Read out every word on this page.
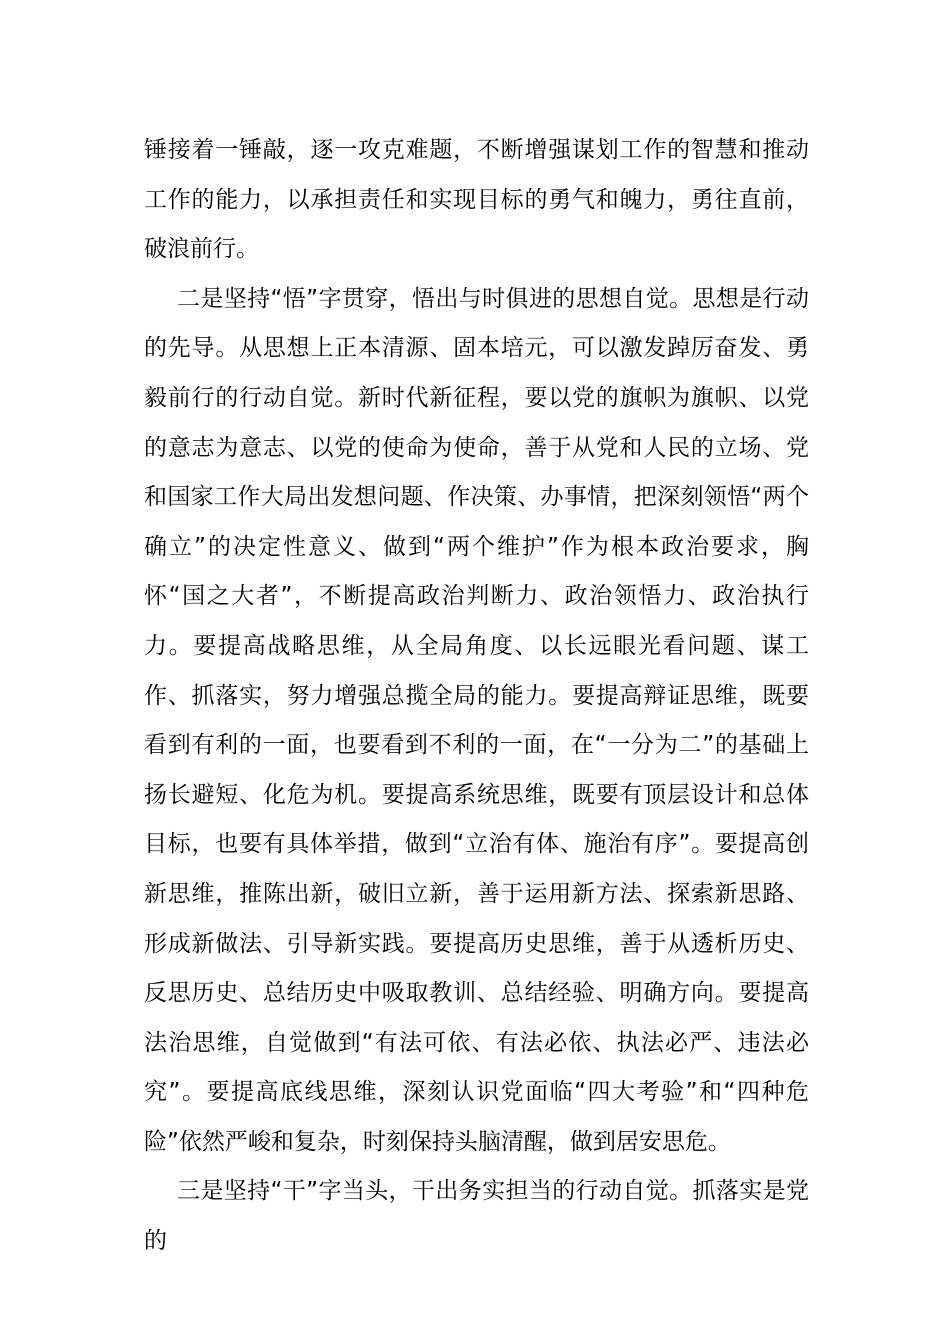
锤接着一锤敲，逐一攻克难题，不断增强谋划工作的智慧和推动工作的能力，以承担责任和实现目标的勇气和魄力，勇往直前，破浪前行。

二是坚持“悟”字贯穿，悟出与时俱进的思想自觉。思想是行动的先导。从思想上正本清源、固本培元，可以激发踔厉奋发、勇毅前行的行动自觉。新时代新征程，要以党的旗帜为旗帜、以党的意志为意志、以党的使命为使命，善于从党和人民的立场、党和国家工作大局出发想问题、作决策、办事情，把深刻领悟“两个确立”的决定性意义、做到“两个维护”作为根本政治要求，胸怀“国之大者”，不断提高政治判断力、政治领悟力、政治执行力。要提高战略思维，从全局角度、以长远眼光看问题、谋工作、抓落实，努力增强总揽全局的能力。要提高辩证思维，既要看到有利的一面，也要看到不利的一面，在“一分为二”的基础上扬长避短、化危为机。要提高系统思维，既要有顶层设计和总体目标，也要有具体举措，做到“立治有体、施治有序”。要提高创新思维，推陈出新，破旧立新，善于运用新方法、探索新思路、形成新做法、引导新实践。要提高历史思维，善于从透析历史、反思历史、总结历史中吸取教训、总结经验、明确方向。要提高法治思维，自觉做到“有法可依、有法必依、执法必严、违法必究”。要提高底线思维，深刻认识党面临“四大考验”和“四种危险”依然严峻和复杂，时刻保持头脑清醒，做到居安思危。

三是坚持“干”字当头，干出务实担当的行动自觉。抓落实是党的
